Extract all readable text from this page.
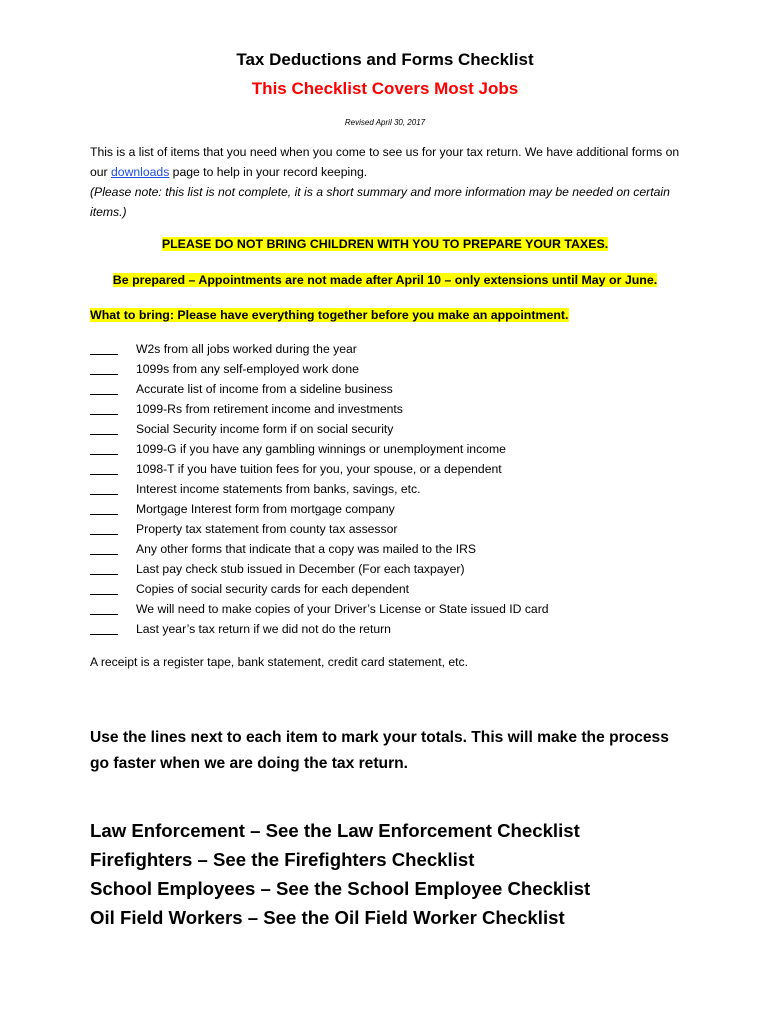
Tax Deductions and Forms Checklist
This Checklist Covers Most Jobs
Revised April 30, 2017
This is a list of items that you need when you come to see us for your tax return. We have additional forms on our downloads page to help in your record keeping.
(Please note: this list is not complete, it is a short summary and more information may be needed on certain items.)
PLEASE DO NOT BRING CHILDREN WITH YOU TO PREPARE YOUR TAXES.
Be prepared – Appointments are not made after April 10 – only extensions until May or June.
What to bring: Please have everything together before you make an appointment.
W2s from all jobs worked during the year
1099s from any self-employed work done
Accurate list of income from a sideline business
1099-Rs from retirement income and investments
Social Security income form if on social security
1099-G if you have any gambling winnings or unemployment income
1098-T if you have tuition fees for you, your spouse, or a dependent
Interest income statements from banks, savings, etc.
Mortgage Interest form from mortgage company
Property tax statement from county tax assessor
Any other forms that indicate that a copy was mailed to the IRS
Last pay check stub issued in December (For each taxpayer)
Copies of social security cards for each dependent
We will need to make copies of your Driver’s License or State issued ID card
Last year’s tax return if we did not do the return
A receipt is a register tape, bank statement, credit card statement, etc.
Use the lines next to each item to mark your totals. This will make the process go faster when we are doing the tax return.
Law Enforcement – See the Law Enforcement Checklist
Firefighters – See the Firefighters Checklist
School Employees – See the School Employee Checklist
Oil Field Workers – See the Oil Field Worker Checklist
